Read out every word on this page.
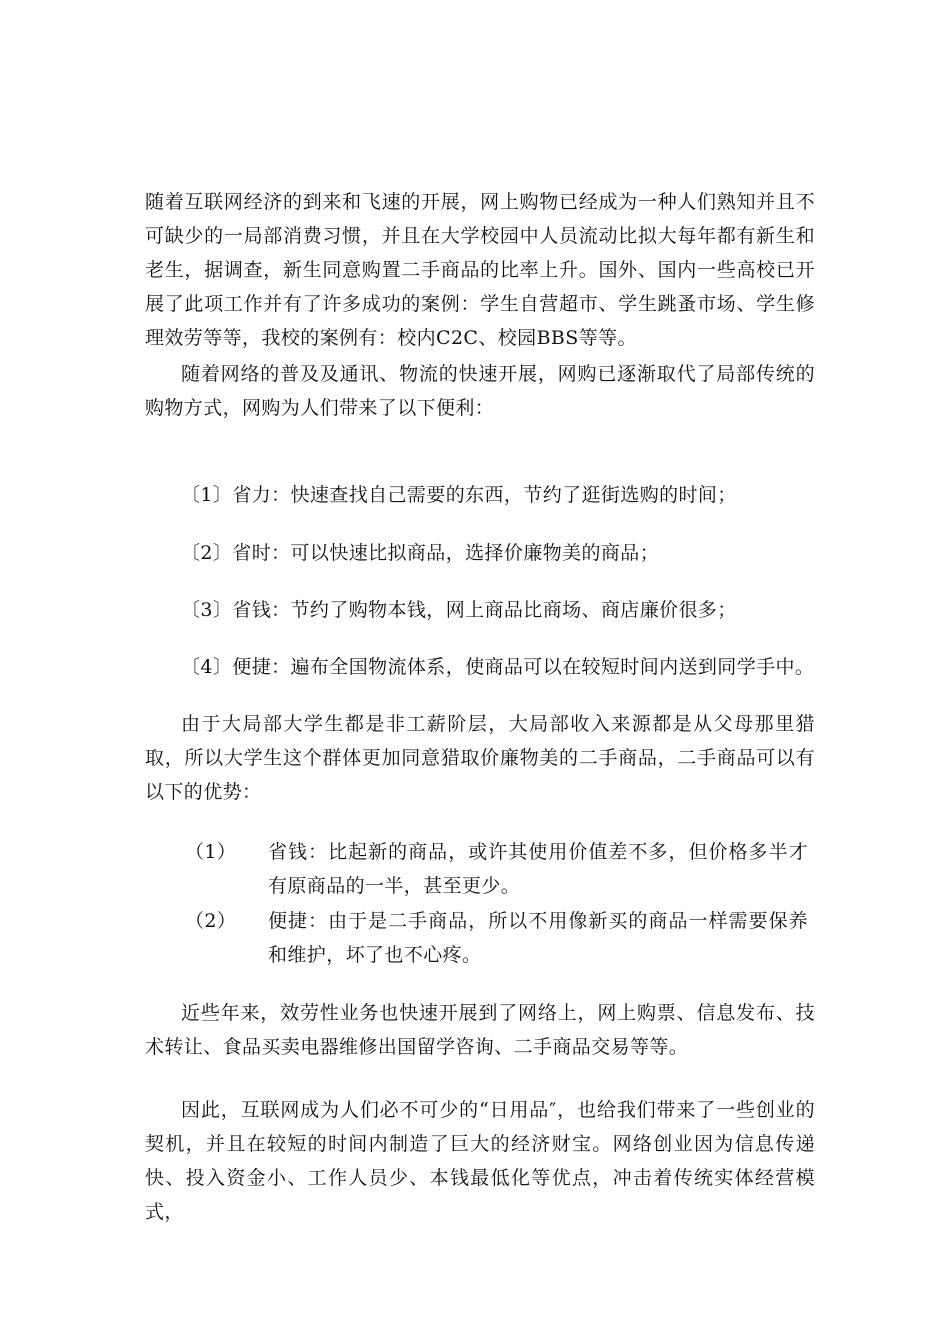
随着互联网经济的到来和飞速的开展，网上购物已经成为一种人们熟知并且不可缺少的一局部消费习惯，并且在大学校园中人员流动比拟大每年都有新生和老生，据调查，新生同意购置二手商品的比率上升。国外、国内一些高校已开展了此项工作并有了许多成功的案例：学生自营超市、学生跳蚤市场、学生修理效劳等等，我校的案例有：校内C2C、校园BBS等等。

随着网络的普及及通讯、物流的快速开展，网购已逐渐取代了局部传统的购物方式，网购为人们带来了以下便利：

〔1〕省力：快速查找自己需要的东西，节约了逛街选购的时间；

〔2〕省时：可以快速比拟商品，选择价廉物美的商品；

〔3〕省钱：节约了购物本钱，网上商品比商场、商店廉价很多；

〔4〕便捷：遍布全国物流体系，使商品可以在较短时间内送到同学手中。

由于大局部大学生都是非工薪阶层，大局部收入来源都是从父母那里猎取，所以大学生这个群体更加同意猎取价廉物美的二手商品，二手商品可以有以下的优势：

（1） 省钱：比起新的商品，或许其使用价值差不多，但价格多半才有原商品的一半，甚至更少。

（2） 便捷：由于是二手商品，所以不用像新买的商品一样需要保养和维护，坏了也不心疼。

近些年来，效劳性业务也快速开展到了网络上，网上购票、信息发布、技术转让、食品买卖电器维修出国留学咨询、二手商品交易等等。

因此，互联网成为人们必不可少的“日用品″，也给我们带来了一些创业的契机，并且在较短的时间内制造了巨大的经济财宝。网络创业因为信息传递快、投入资金小、工作人员少、本钱最低化等优点，冲击着传统实体经营模式，
